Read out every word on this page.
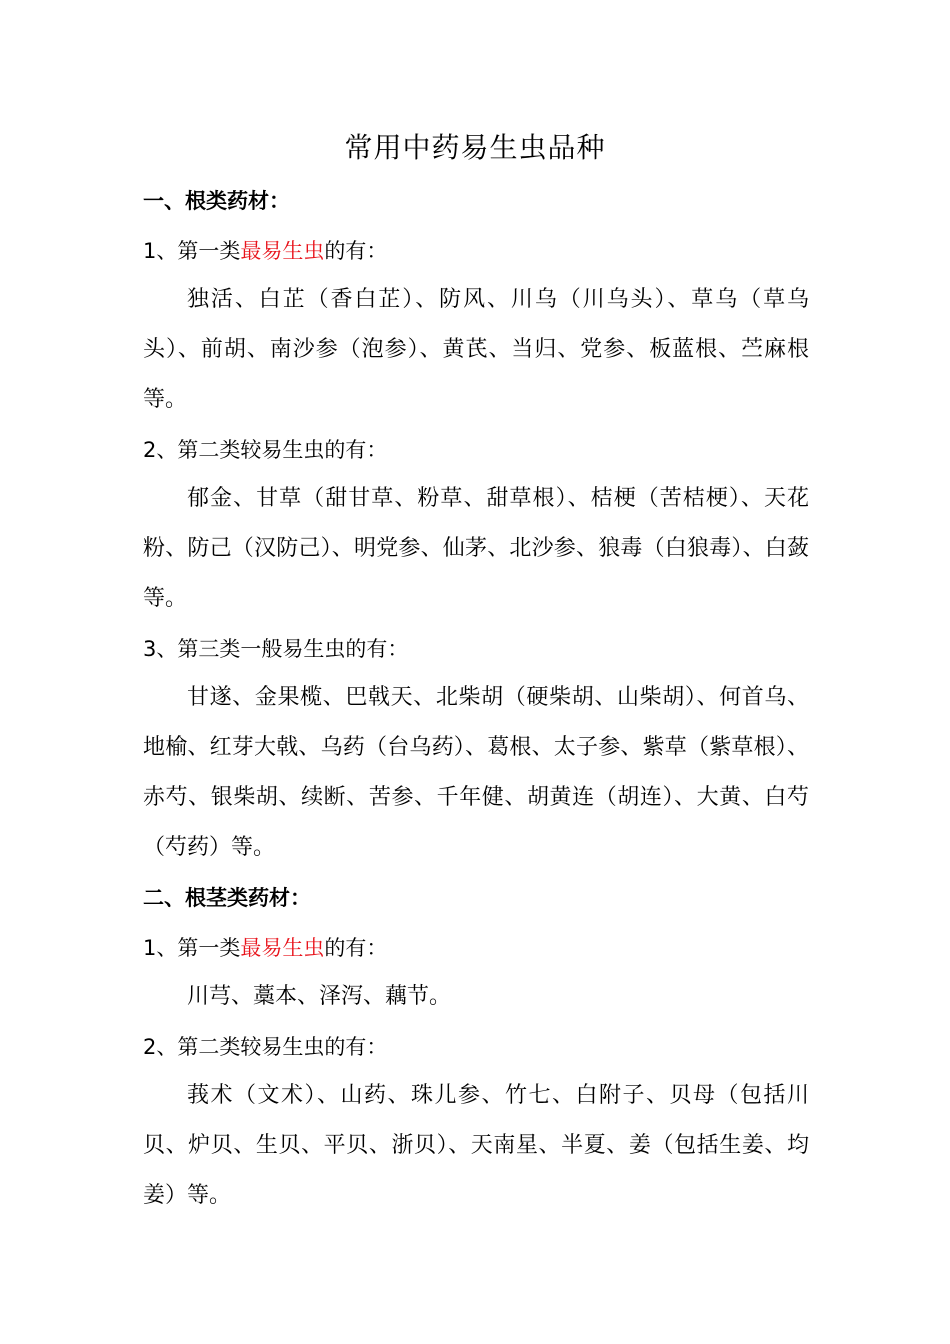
常用中药易生虫品种
一、根类药材：
1、第一类最易生虫的有：
独活、白芷（香白芷）、防风、川乌（川乌头）、草乌（草乌头）、前胡、南沙参（泡参）、黄芪、当归、党参、板蓝根、苎麻根等。
2、第二类较易生虫的有：
郁金、甘草（甜甘草、粉草、甜草根）、桔梗（苦桔梗）、天花粉、防己（汉防己）、明党参、仙茅、北沙参、狼毒（白狼毒）、白蔹等。
3、第三类一般易生虫的有：
甘遂、金果榄、巴戟天、北柴胡（硬柴胡、山柴胡）、何首乌、地榆、红芽大戟、乌药（台乌药）、葛根、太子参、紫草（紫草根）、赤芍、银柴胡、续断、苦参、千年健、胡黄连（胡连）、大黄、白芍（芍药）等。
二、根茎类药材：
1、第一类最易生虫的有：
川芎、藁本、泽泻、藕节。
2、第二类较易生虫的有：
莪术（文术）、山药、珠儿参、竹七、白附子、贝母（包括川贝、炉贝、生贝、平贝、浙贝）、天南星、半夏、姜（包括生姜、均姜）等。
